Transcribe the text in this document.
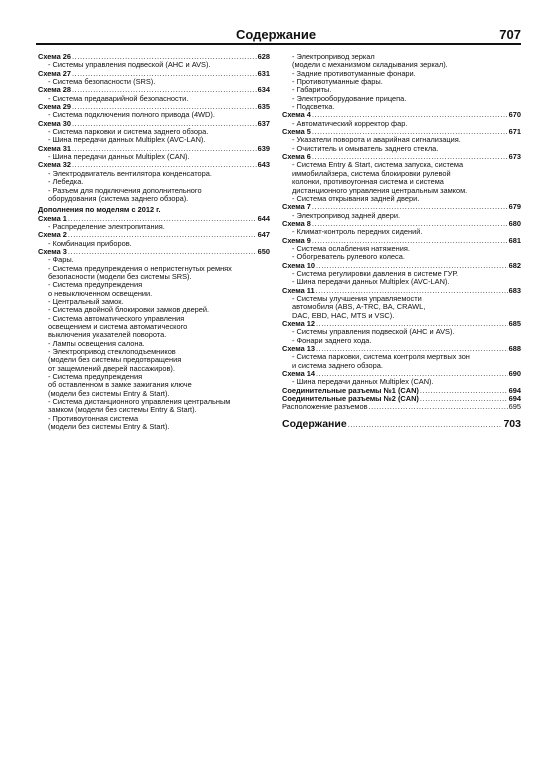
Содержание	707
Схема 26 .....	628
- Системы управления подвеской (AHC и AVS).
Схема 27 .....	631
- Система безопасности (SRS).
Схема 28 .....	634
- Система предаварийной безопасности.
Схема 29 .....	635
- Система подключения полного привода (4WD).
Схема 30 .....	637
- Система парковки и система заднего обзора.
- Шина передачи данных Multiplex (AVC-LAN).
Схема 31 .....	639
- Шина передачи данных Multiplex (CAN).
Схема 32 .....	643
- Электродвигатель вентилятора конденсатора.
- Лебедка.
- Разъем для подключения дополнительного
оборудования (система заднего обзора).
Дополнения по моделям с 2012 г.
Схема 1 .....	644
- Распределение электропитания.
Схема 2 .....	647
- Комбинация приборов.
Схема 3 .....	650
- Фары.
- Система предупреждения о непристегнутых ремнях
безопасности (модели без системы SRS).
- Система предупреждения
о невыключенном освещении.
- Центральный замок.
- Система двойной блокировки замков дверей.
- Система автоматического управления
освещением и система автоматического
выключения указателей поворота.
- Лампы освещения салона.
- Электропривод стеклоподъемников
(модели без системы предотвращения
от защемлений дверей пассажиров).
- Система предупреждения
об оставленном в замке зажигания ключе
(модели без системы Entry & Start).
- Система дистанционного управления центральным
замком (модели без системы Entry & Start).
- Противоугонная система
(модели без системы Entry & Start).
- Электропривод зеркал
(модели с механизмом складывания зеркал).
- Задние противотуманные фонари.
- Противотуманные фары.
- Габариты.
- Электрооборудование прицепа.
- Подсветка.
Схема 4 .....	670
- Автоматический корректор фар.
Схема 5 .....	671
- Указатели поворота и аварийная сигнализация.
- Очиститель и омыватель заднего стекла.
Схема 6 .....	673
- Система Entry & Start, система запуска, система
иммобилайзера, система блокировки рулевой
колонки, противоугонная система и система
дистанционного управления центральным замком.
- Система открывания задней двери.
Схема 7 .....	679
- Электропривод задней двери.
Схема 8 .....	680
- Климат-контроль передних сидений.
Схема 9 .....	681
- Система ослабления натяжения.
- Обогреватель рулевого колеса.
Схема 10 .....	682
- Система регулировки давления в системе ГУР.
- Шина передачи данных Multiplex (AVC-LAN).
Схема 11 .....	683
- Системы улучшения управляемости
автомобиля (ABS, A-TRC, BA, CRAWL,
DAC, EBD, HAC, MTS и VSC).
Схема 12 .....	685
- Системы управления подвеской (AHC и AVS).
- Фонари заднего хода.
Схема 13 .....	688
- Система парковки, система контроля мертвых зон
и система заднего обзора.
Схема 14 .....	690
- Шина передачи данных Multiplex (CAN).
Соединительные разъемы №1 (CAN) .....	694
Соединительные разъемы №2 (CAN) .....	694
Расположение разъемов .....	695
Содержание .....	703
